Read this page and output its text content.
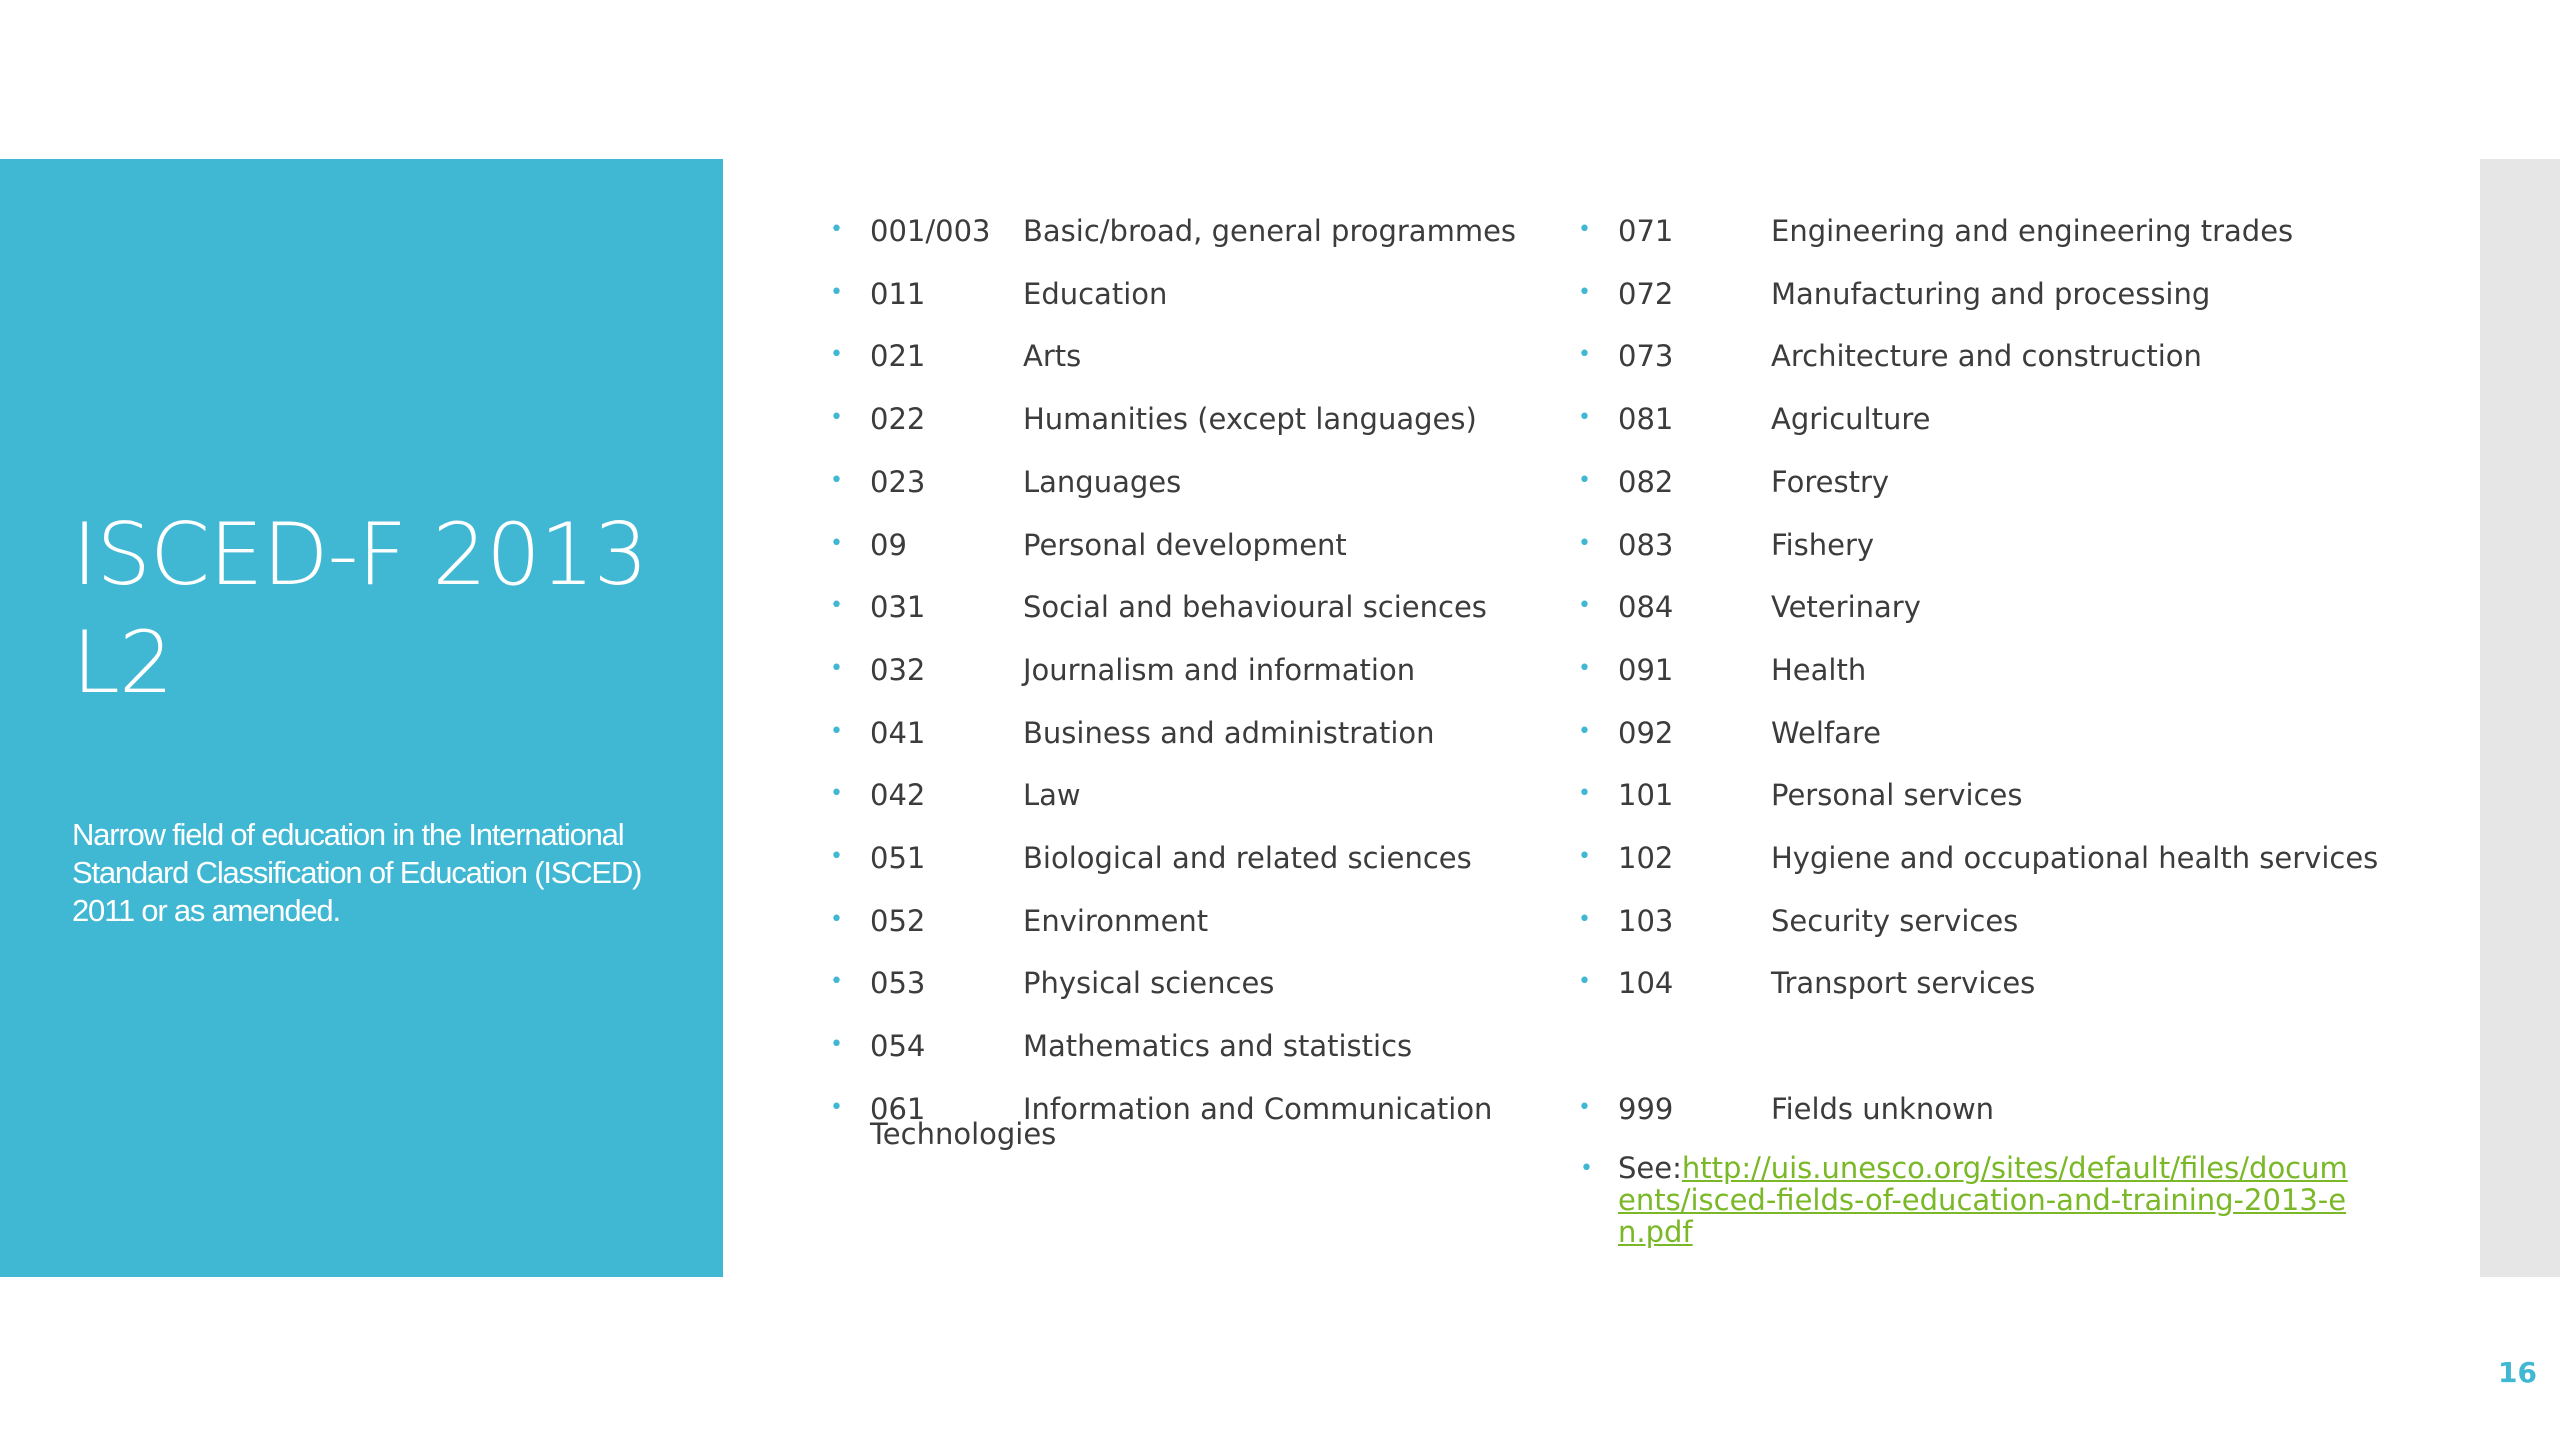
ISCED-F 2013
L2
Narrow field of education in the International Standard Classification of Education (ISCED) 2011 or as amended.
• 001/003 Basic/broad, general programmes
• 011	Education
• 021	Arts
• 022	Humanities (except languages)
• 023	Languages
• 09	Personal development
• 031	Social and behavioural sciences
• 032	Journalism and information
• 041	Business and administration
• 042	Law
• 051	Biological and related sciences
• 052	Environment
• 053	Physical sciences
• 054	Mathematics and statistics
• 061	Information and Communication
Technologies
• 071	Engineering and engineering trades
• 072	Manufacturing and processing
• 073	Architecture and construction
• 081	Agriculture
• 082	Forestry
• 083	Fishery
• 084	Veterinary
• 091	Health
• 092	Welfare
• 101	Personal services
• 102	Hygiene and occupational health services
• 103	Security services
• 104	Transport services
• 999	Fields unknown
• See:http://uis.unesco.org/sites/default/files/documents/isced-fields-of-education-and-training-2013-en.pdf
16
